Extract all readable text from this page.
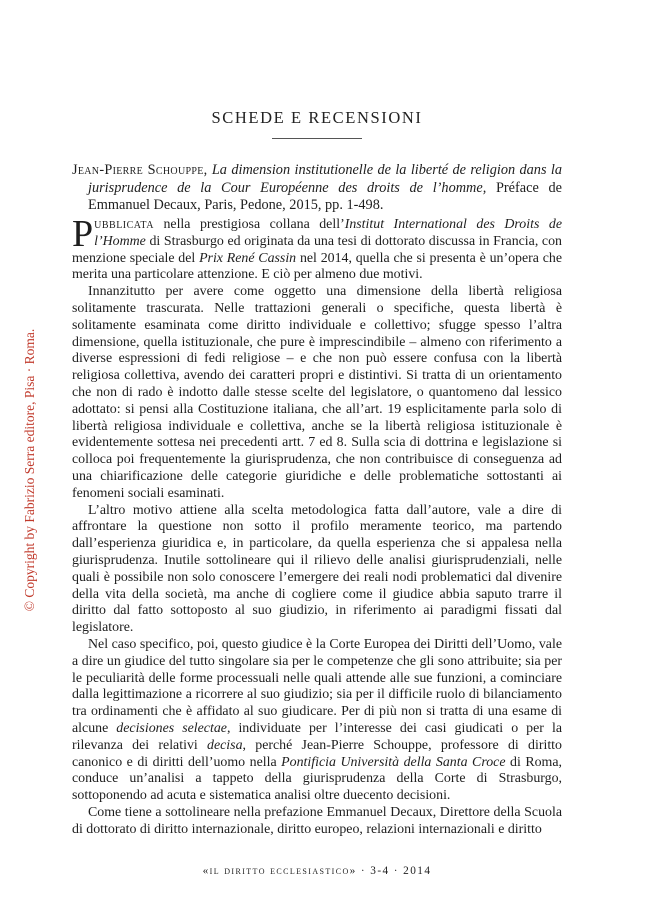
© Copyright by Fabrizio Serra editore, Pisa · Roma.
SCHEDE E RECENSIONI
Jean-Pierre Schouppe, La dimension institutionelle de la liberté de religion dans la jurisprudence de la Cour Européenne des droits de l’homme, Préface de Emmanuel Decaux, Paris, Pedone, 2015, pp. 1-498.

Pubblicata nella prestigiosa collana dell’Institut International des Droits de l’Homme di Strasburgo ed originata da una tesi di dottorato discussa in Francia, con menzione speciale del Prix René Cassin nel 2014, quella che si presenta è un’opera che merita una particolare attenzione. E ciò per almeno due motivi.

Innanzitutto per avere come oggetto una dimensione della libertà religiosa solitamente trascurata. Nelle trattazioni generali o specifiche, questa libertà è solitamente esaminata come diritto individuale e collettivo; sfugge spesso l’altra dimensione, quella istituzionale, che pure è imprescindibile – almeno con riferimento a diverse espressioni di fedi religiose – e che non può essere confusa con la libertà religiosa collettiva, avendo dei caratteri propri e distintivi. Si tratta di un orientamento che non di rado è indotto dalle stesse scelte del legislatore, o quantomeno dal lessico adottato: si pensi alla Costituzione italiana, che all’art. 19 esplicitamente parla solo di libertà religiosa individuale e collettiva, anche se la libertà religiosa istituzionale è evidentemente sottesa nei precedenti artt. 7 ed 8. Sulla scia di dottrina e legislazione si colloca poi frequentemente la giurisprudenza, che non contribuisce di conseguenza ad una chiarificazione delle categorie giuridiche e delle problematiche sottostanti ai fenomeni sociali esaminati.

L’altro motivo attiene alla scelta metodologica fatta dall’autore, vale a dire di affrontare la questione non sotto il profilo meramente teorico, ma partendo dall’esperienza giuridica e, in particolare, da quella esperienza che si appalesa nella giurisprudenza. Inutile sottolineare qui il rilievo delle analisi giurisprudenziali, nelle quali è possibile non solo conoscere l’emergere dei reali nodi problematici dal divenire della vita della società, ma anche di cogliere come il giudice abbia saputo trarre il diritto dal fatto sottoposto al suo giudizio, in riferimento ai paradigmi fissati dal legislatore.

Nel caso specifico, poi, questo giudice è la Corte Europea dei Diritti dell’Uomo, vale a dire un giudice del tutto singolare sia per le competenze che gli sono attribuite; sia per le peculiarità delle forme processuali nelle quali attende alle sue funzioni, a cominciare dalla legittimazione a ricorrere al suo giudizio; sia per il difficile ruolo di bilanciamento tra ordinamenti che è affidato al suo giudicare. Per di più non si tratta di una esame di alcune decisiones selectae, individuate per l’interesse dei casi giudicati o per la rilevanza dei relativi decisa, perché Jean-Pierre Schouppe, professore di diritto canonico e di diritti dell’uomo nella Pontificia Università della Santa Croce di Roma, conduce un’analisi a tappeto della giurisprudenza della Corte di Strasburgo, sottoponendo ad acuta e sistematica analisi oltre duecento decisioni.

Come tiene a sottolineare nella prefazione Emmanuel Decaux, Direttore della Scuola di dottorato di diritto internazionale, diritto europeo, relazioni internazionali e diritto

«il diritto ecclesiastico» · 3-4 · 2014
